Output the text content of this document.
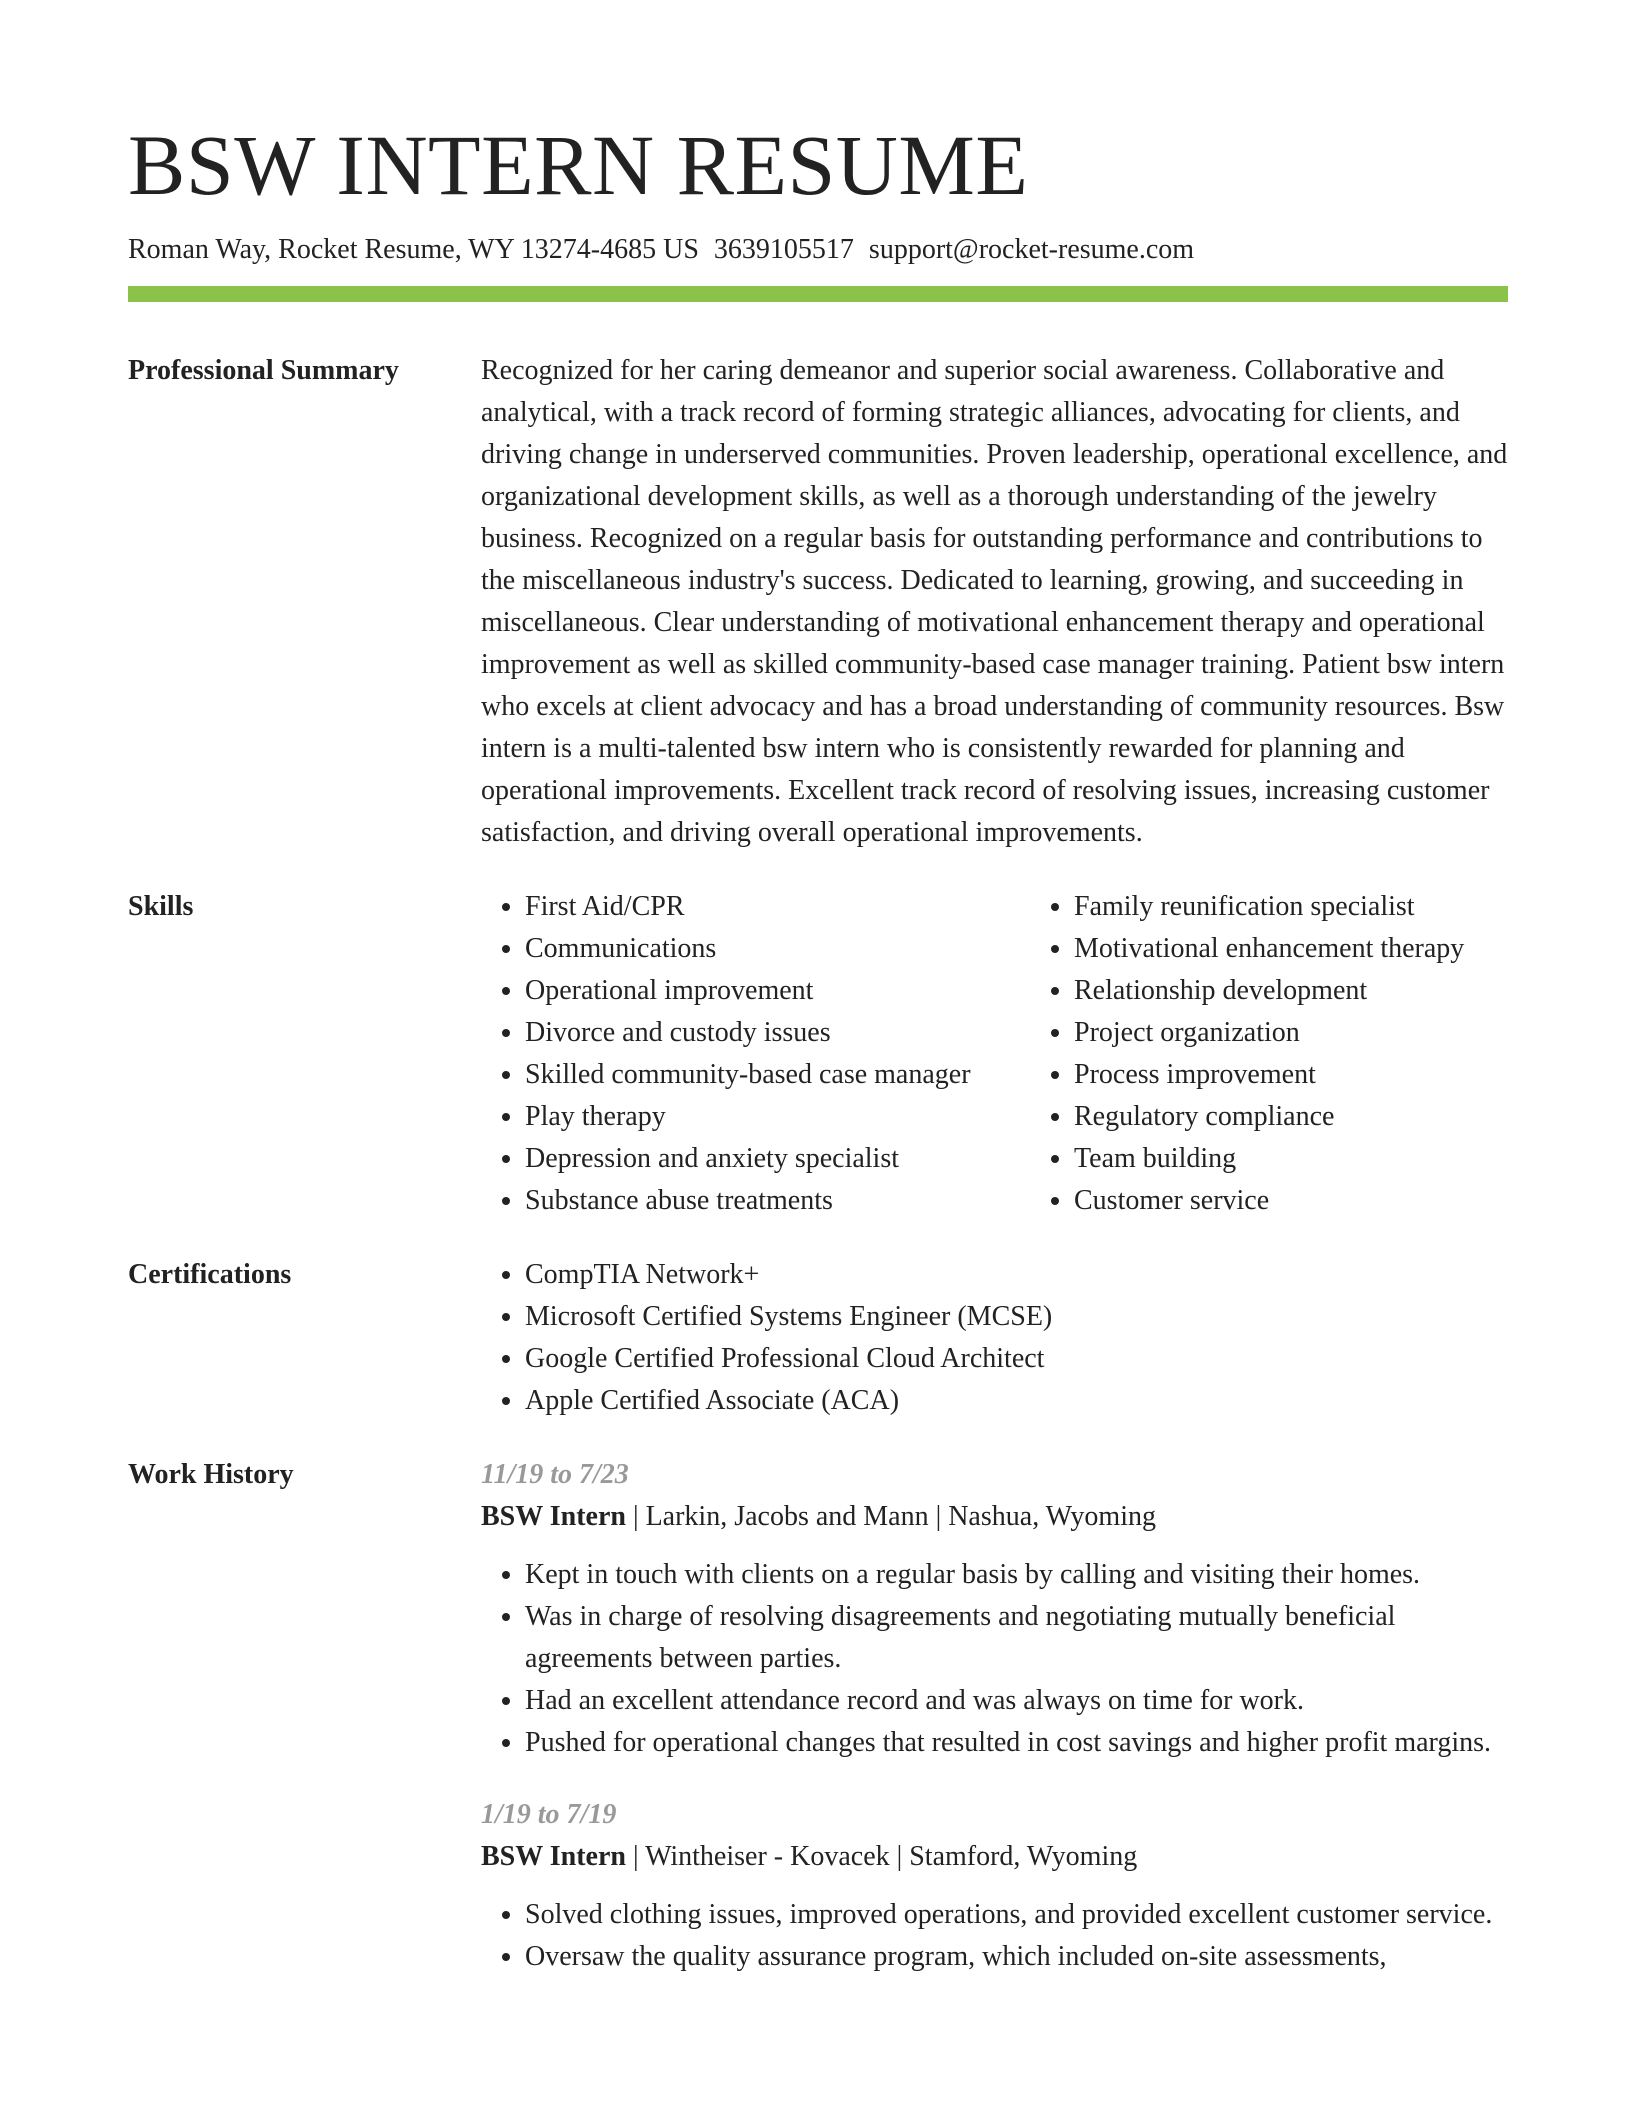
BSW INTERN RESUME
Roman Way, Rocket Resume, WY 13274-4685 US 3639105517 support@rocket-resume.com
Professional Summary	Recognized for her caring demeanor and superior social awareness. Collaborative and analytical, with a track record of forming strategic alliances, advocating for clients, and driving change in underserved communities. Proven leadership, operational excellence, and organizational development skills, as well as a thorough understanding of the jewelry business. Recognized on a regular basis for outstanding performance and contributions to the miscellaneous industry's success. Dedicated to learning, growing, and succeeding in miscellaneous. Clear understanding of motivational enhancement therapy and operational improvement as well as skilled community-based case manager training. Patient bsw intern who excels at client advocacy and has a broad understanding of community resources. Bsw intern is a multi-talented bsw intern who is consistently rewarded for planning and operational improvements. Excellent track record of resolving issues, increasing customer satisfaction, and driving overall operational improvements.

Skills	• First Aid/CPR
• Communications
• Operational improvement
• Divorce and custody issues
• Skilled community-based case manager
• Play therapy
• Depression and anxiety specialist
• Substance abuse treatments
• Family reunification specialist
• Motivational enhancement therapy
• Relationship development
• Project organization
• Process improvement
• Regulatory compliance
• Team building
• Customer service
Certifications	• CompTIA Network+
• Microsoft Certified Systems Engineer (MCSE)
• Google Certified Professional Cloud Architect
• Apple Certified Associate (ACA)
Work History	11/19 to 7/23
BSW Intern | Larkin, Jacobs and Mann | Nashua, Wyoming
• Kept in touch with clients on a regular basis by calling and visiting their homes.
• Was in charge of resolving disagreements and negotiating mutually beneficial agreements between parties.
• Had an excellent attendance record and was always on time for work.
• Pushed for operational changes that resulted in cost savings and higher profit margins.
1/19 to 7/19
BSW Intern | Wintheiser - Kovacek | Stamford, Wyoming
• Solved clothing issues, improved operations, and provided excellent customer service.
• Oversaw the quality assurance program, which included on-site assessments,
